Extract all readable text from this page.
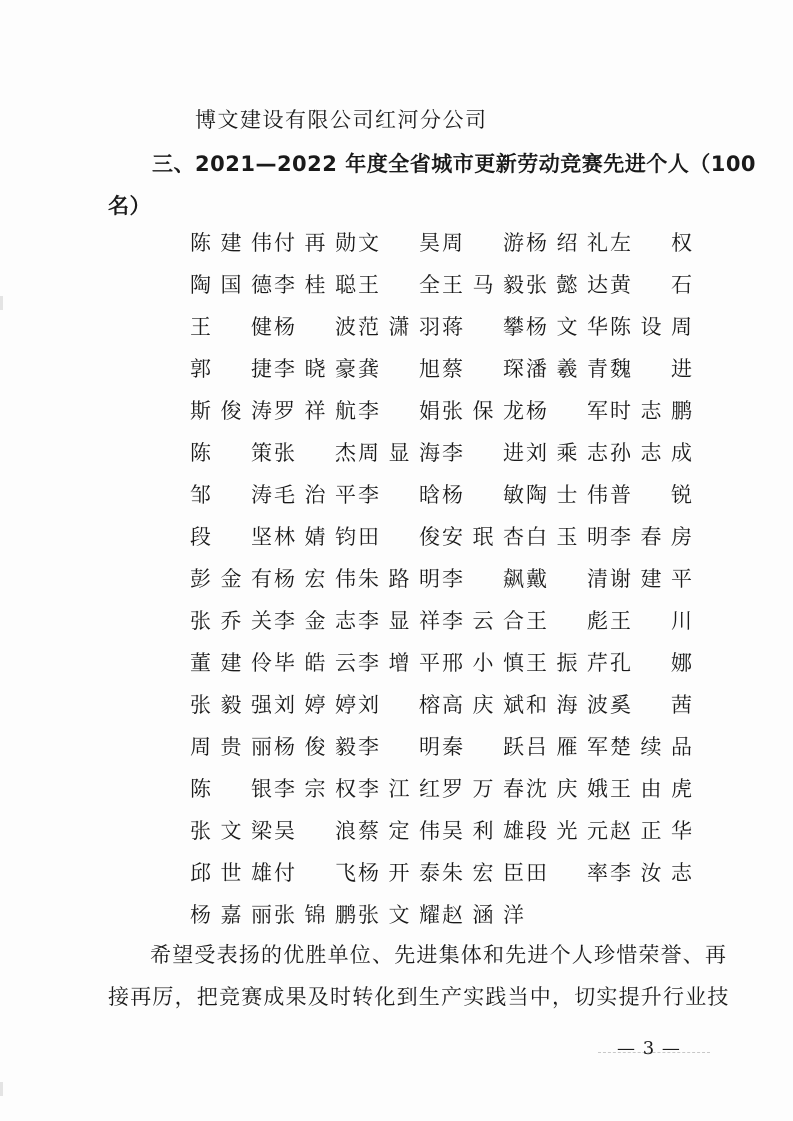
博文建设有限公司红河分公司
三、2021—2022 年度全省城市更新劳动竞赛先进个人（100
名）
陈 建 伟 付 再 勋 文 昊 周 游 杨 绍 礼 左 权
陶 国 德 李 桂 聪 王 全 王 马 毅 张 懿 达 黄 石
王 健 杨 波 范 潇 羽 蒋 攀 杨 文 华 陈 设 周
郭 捷 李 晓 豪 龚 旭 蔡 琛 潘 羲 青 魏 进
斯 俊 涛 罗 祥 航 李 娟 张 保 龙 杨 军 时 志 鹏
陈 策 张 杰 周 显 海 李 进 刘 乘 志 孙 志 成
邹 涛 毛 治 平 李 晗 杨 敏 陶 士 伟 普 锐
段 坚 林 婧 钧 田 俊 安 珉 杏 白 玉 明 李 春 房
彭 金 有 杨 宏 伟 朱 路 明 李 飙 戴 清 谢 建 平
张 乔 关 李 金 志 李 显 祥 李 云 合 王 彪 王 川
董 建 伶 毕 皓 云 李 增 平 邢 小 慎 王 振 芹 孔 娜
张 毅 强 刘 婷 婷 刘 榕 高 庆 斌 和 海 波 奚 茜
周 贵 丽 杨 俊 毅 李 明 秦 跃 吕 雁 军 楚 续 品
陈 银 李 宗 权 李 江 红 罗 万 春 沈 庆 娥 王 由 虎
张 文 梁 吴 浪 蔡 定 伟 吴 利 雄 段 光 元 赵 正 华
邱 世 雄 付 飞 杨 开 泰 朱 宏 臣 田 率 李 汝 志
杨 嘉 丽 张 锦 鹏 张 文 耀 赵 涵 洋
希望受表扬的优胜单位、先进集体和先进个人珍惜荣誉、再
接再厉，把竞赛成果及时转化到生产实践当中，切实提升行业技
— 3 —
